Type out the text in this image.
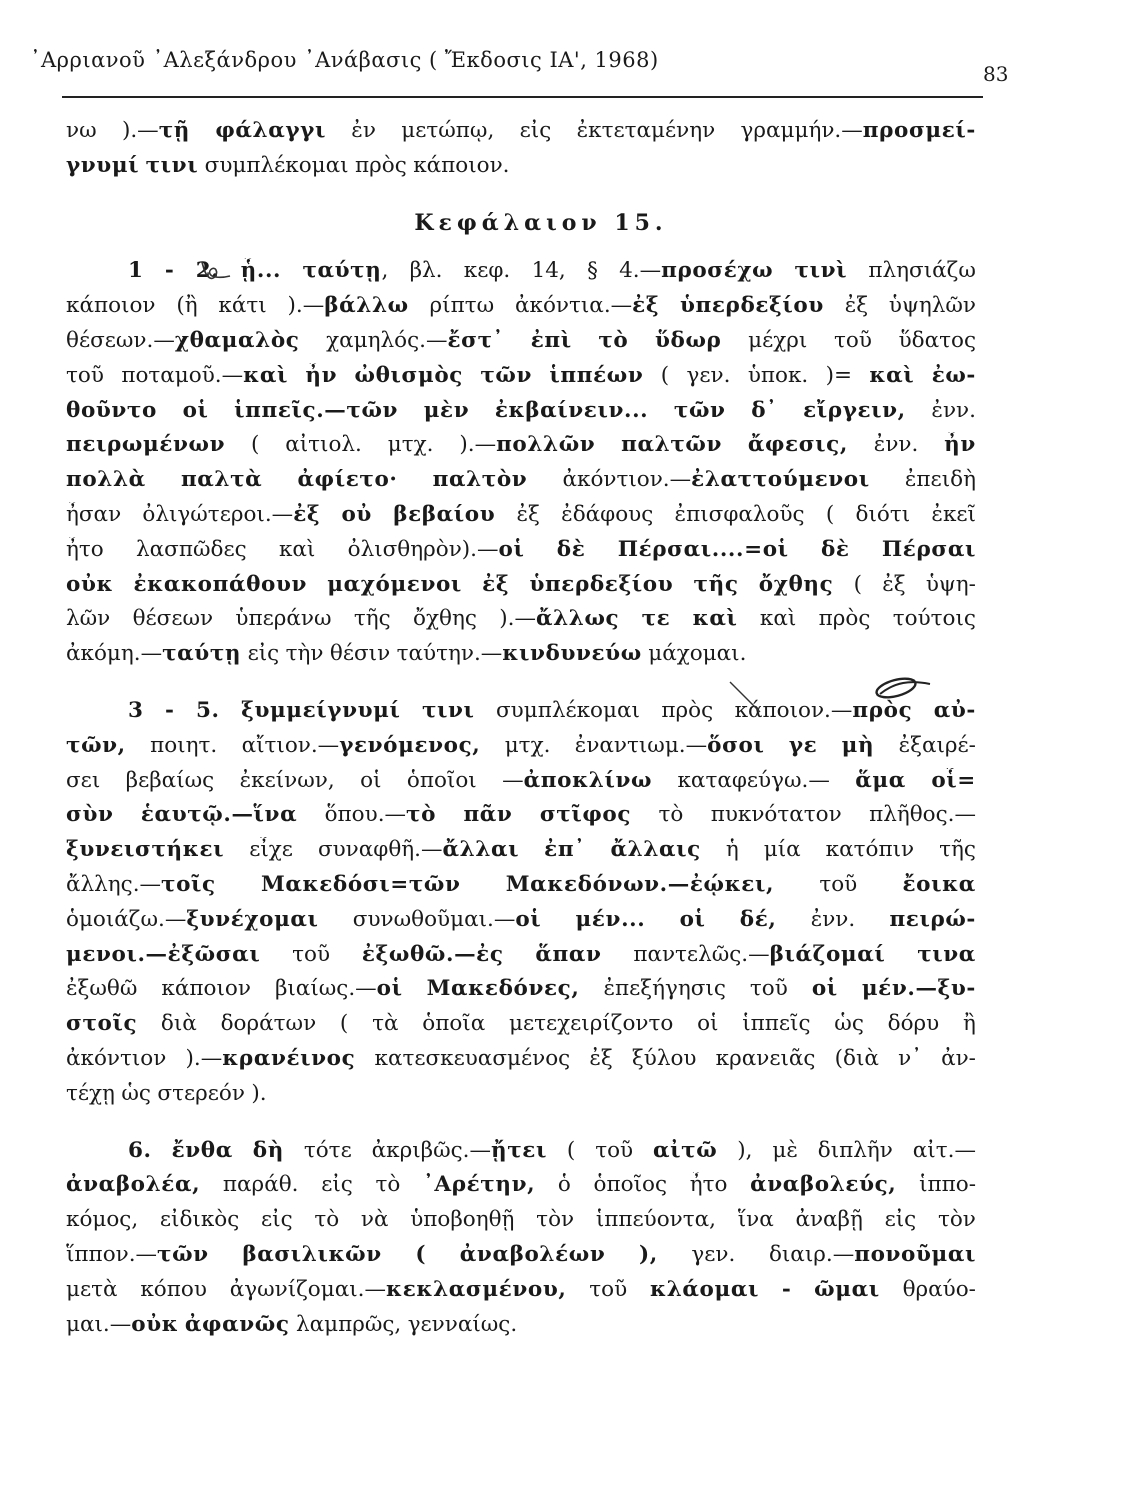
᾽Αρριανοῦ ᾽Αλεξάνδρου ᾽Ανάβασις ( Ἔκδοσις ΙΑ', 1968)
83
νω ).—τῇ φάλαγγι ἐν μετώπῳ, εἰς ἐκτεταμένην γραμμήν.—προσμεί-
γνυμί τινι συμπλέκομαι πρὸς κάποιον.
Κεφάλαιον 15.
1 - 2. ᾗ... ταύτῃ, βλ. κεφ. 14, § 4.—προσέχω τινὶ πλησιάζω
κάποιον (ἢ κάτι ).—βάλλω ρίπτω ἀκόντια.—ἐξ ὑπερδεξίου ἐξ ὑψηλῶν
θέσεων.—χθαμαλὸς χαμηλός.—ἔστ᾽ ἐπὶ τὸ ὕδωρ μέχρι τοῦ ὕδατος
τοῦ ποταμοῦ.—καὶ ἦν ὠθισμὸς τῶν ἱππέων ( γεν. ὑποκ. )= καὶ ἐω-
θοῦντο οἱ ἱππεῖς.—τῶν μὲν ἐκβαίνειν... τῶν δ᾽ εἴργειν, ἐνν.
πειρωμένων ( αἰτιολ. μτχ. ).—πολλῶν παλτῶν ἄφεσις, ἐνν. ἦν
πολλὰ παλτὰ ἀφίετο· παλτὸν ἀκόντιον.—ἐλαττούμενοι ἐπειδὴ
ἦσαν ὀλιγώτεροι.—ἐξ οὐ βεβαίου ἐξ ἐδάφους ἐπισφαλοῦς ( διότι ἐκεῖ
ἦτο λασπῶδες καὶ ὀλισθηρὸν).—οἱ δὲ Πέρσαι....=οἱ δὲ Πέρσαι
οὐκ ἐκακοπάθουν μαχόμενοι ἐξ ὑπερδεξίου τῆς ὄχθης ( ἐξ ὑψη-
λῶν θέσεων ὑπεράνω τῆς ὄχθης ).—ἄλλως τε καὶ καὶ πρὸς τούτοις
ἀκόμη.—ταύτῃ εἰς τὴν θέσιν ταύτην.—κινδυνεύω μάχομαι.
3 - 5. ξυμμείγνυμί τινι συμπλέκομαι πρὸς κάποιον.—πρὸς αὐ-
τῶν, ποιητ. αἴτιον.—γενόμενος, μτχ. ἐναντιωμ.—ὅσοι γε μὴ ἐξαιρέ-
σει βεβαίως ἐκείνων, οἱ ὁποῖοι —ἀποκλίνω καταφεύγω.— ἅμα οἷ=
σὺν ἑαυτῷ.—ἵνα ὅπου.—τὸ πᾶν στῖφος τὸ πυκνότατον πλῆθος.—
ξυνειστήκει εἶχε συναφθῆ.—ἄλλαι ἐπ᾽ ἄλλαις ἡ μία κατόπιν τῆς
ἄλλης.—τοῖς Μακεδόσι=τῶν Μακεδόνων.—ἐῴκει, τοῦ ἔοικα
ὁμοιάζω.—ξυνέχομαι συνωθοῦμαι.—οἱ μέν... οἱ δέ, ἐνν. πειρώ-
μενοι.—ἐξῶσαι τοῦ ἐξωθῶ.—ἐς ἅπαν παντελῶς.—βιάζομαί τινα
ἐξωθῶ κάποιον βιαίως.—οἱ Μακεδόνες, ἐπεξήγησις τοῦ οἱ μέν.—ξυ-
στοῖς διὰ δοράτων ( τὰ ὁποῖα μετεχειρίζοντο οἱ ἱππεῖς ὡς δόρυ ἢ
ἀκόντιον ).—κρανέινος κατεσκευασμένος ἐξ ξύλου κρανειᾶς (διὰ ν᾽ ἀν-
τέχῃ ὡς στερεόν ).
6. ἔνθα δὴ τότε ἀκριβῶς.—ᾔτει ( τοῦ αἰτῶ ), μὲ διπλῆν αἰτ.—
ἀναβολέα, παράθ. εἰς τὸ ᾽Αρέτην, ὁ ὁποῖος ἦτο ἀναβολεύς, ἱππο-
κόμος, εἰδικὸς εἰς τὸ νὰ ὑποβοηθῇ τὸν ἱππεύοντα, ἵνα ἀναβῇ εἰς τὸν
ἵππον.—τῶν βασιλικῶν ( ἀναβολέων ), γεν. διαιρ.—πονοῦμαι
μετὰ κόπου ἀγωνίζομαι.—κεκλασμένου, τοῦ κλάομαι - ῶμαι θραύο-
μαι.—οὐκ ἀφανῶς λαμπρῶς, γενναίως.
